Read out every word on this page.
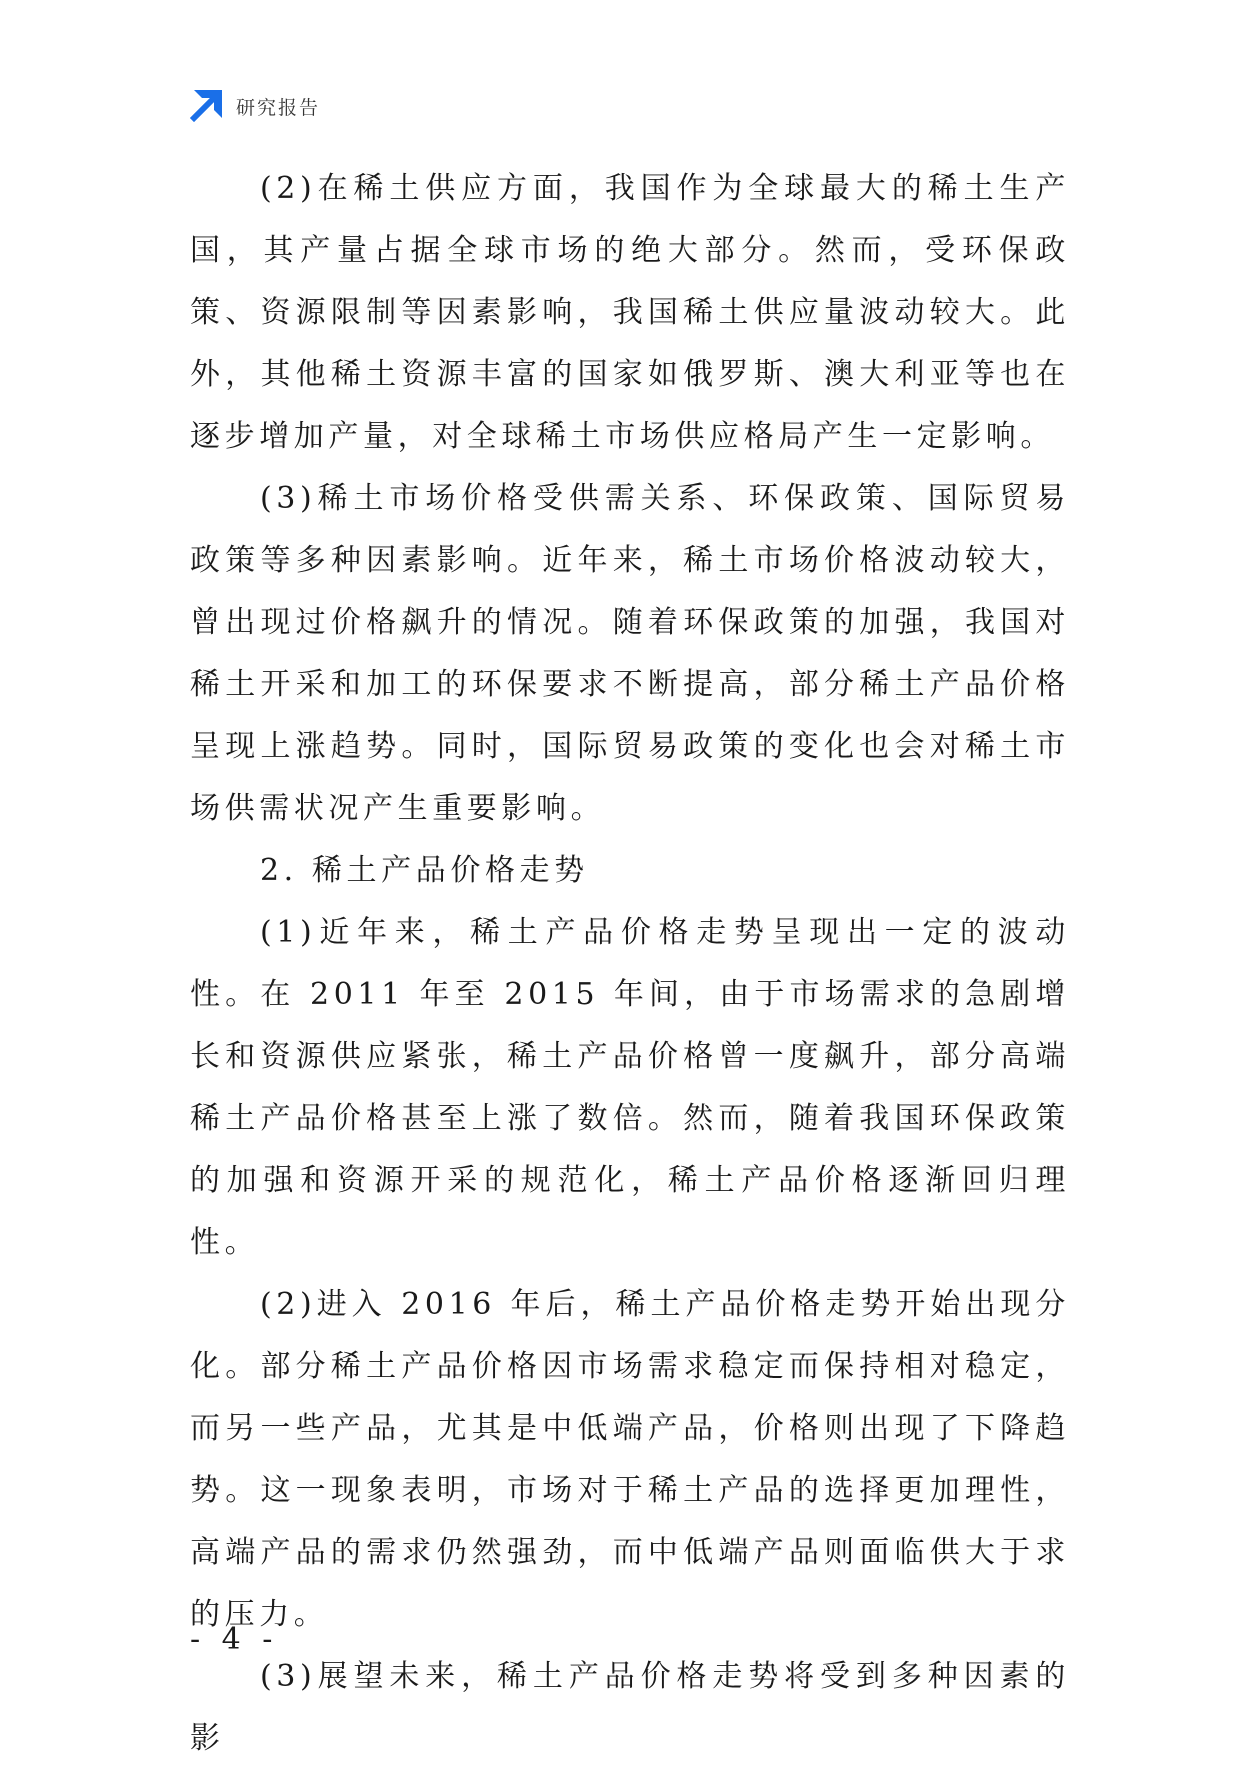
研究报告

(2)在稀土供应方面，我国作为全球最大的稀土生产国，其产量占据全球市场的绝大部分。然而，受环保政策、资源限制等因素影响，我国稀土供应量波动较大。此外，其他稀土资源丰富的国家如俄罗斯、澳大利亚等也在逐步增加产量，对全球稀土市场供应格局产生一定影响。

(3)稀土市场价格受供需关系、环保政策、国际贸易政策等多种因素影响。近年来，稀土市场价格波动较大，曾出现过价格飙升的情况。随着环保政策的加强，我国对稀土开采和加工的环保要求不断提高，部分稀土产品价格呈现上涨趋势。同时，国际贸易政策的变化也会对稀土市场供需状况产生重要影响。

2. 稀土产品价格走势

(1)近年来，稀土产品价格走势呈现出一定的波动性。在 2011 年至 2015 年间，由于市场需求的急剧增长和资源供应紧张，稀土产品价格曾一度飙升，部分高端稀土产品价格甚至上涨了数倍。然而，随着我国环保政策的加强和资源开采的规范化，稀土产品价格逐渐回归理性。

(2)进入 2016 年后，稀土产品价格走势开始出现分化。部分稀土产品价格因市场需求稳定而保持相对稳定，而另一些产品，尤其是中低端产品，价格则出现了下降趋势。这一现象表明，市场对于稀土产品的选择更加理性，高端产品的需求仍然强劲，而中低端产品则面临供大于求的压力。

(3)展望未来，稀土产品价格走势将受到多种因素的影

- 4 -
